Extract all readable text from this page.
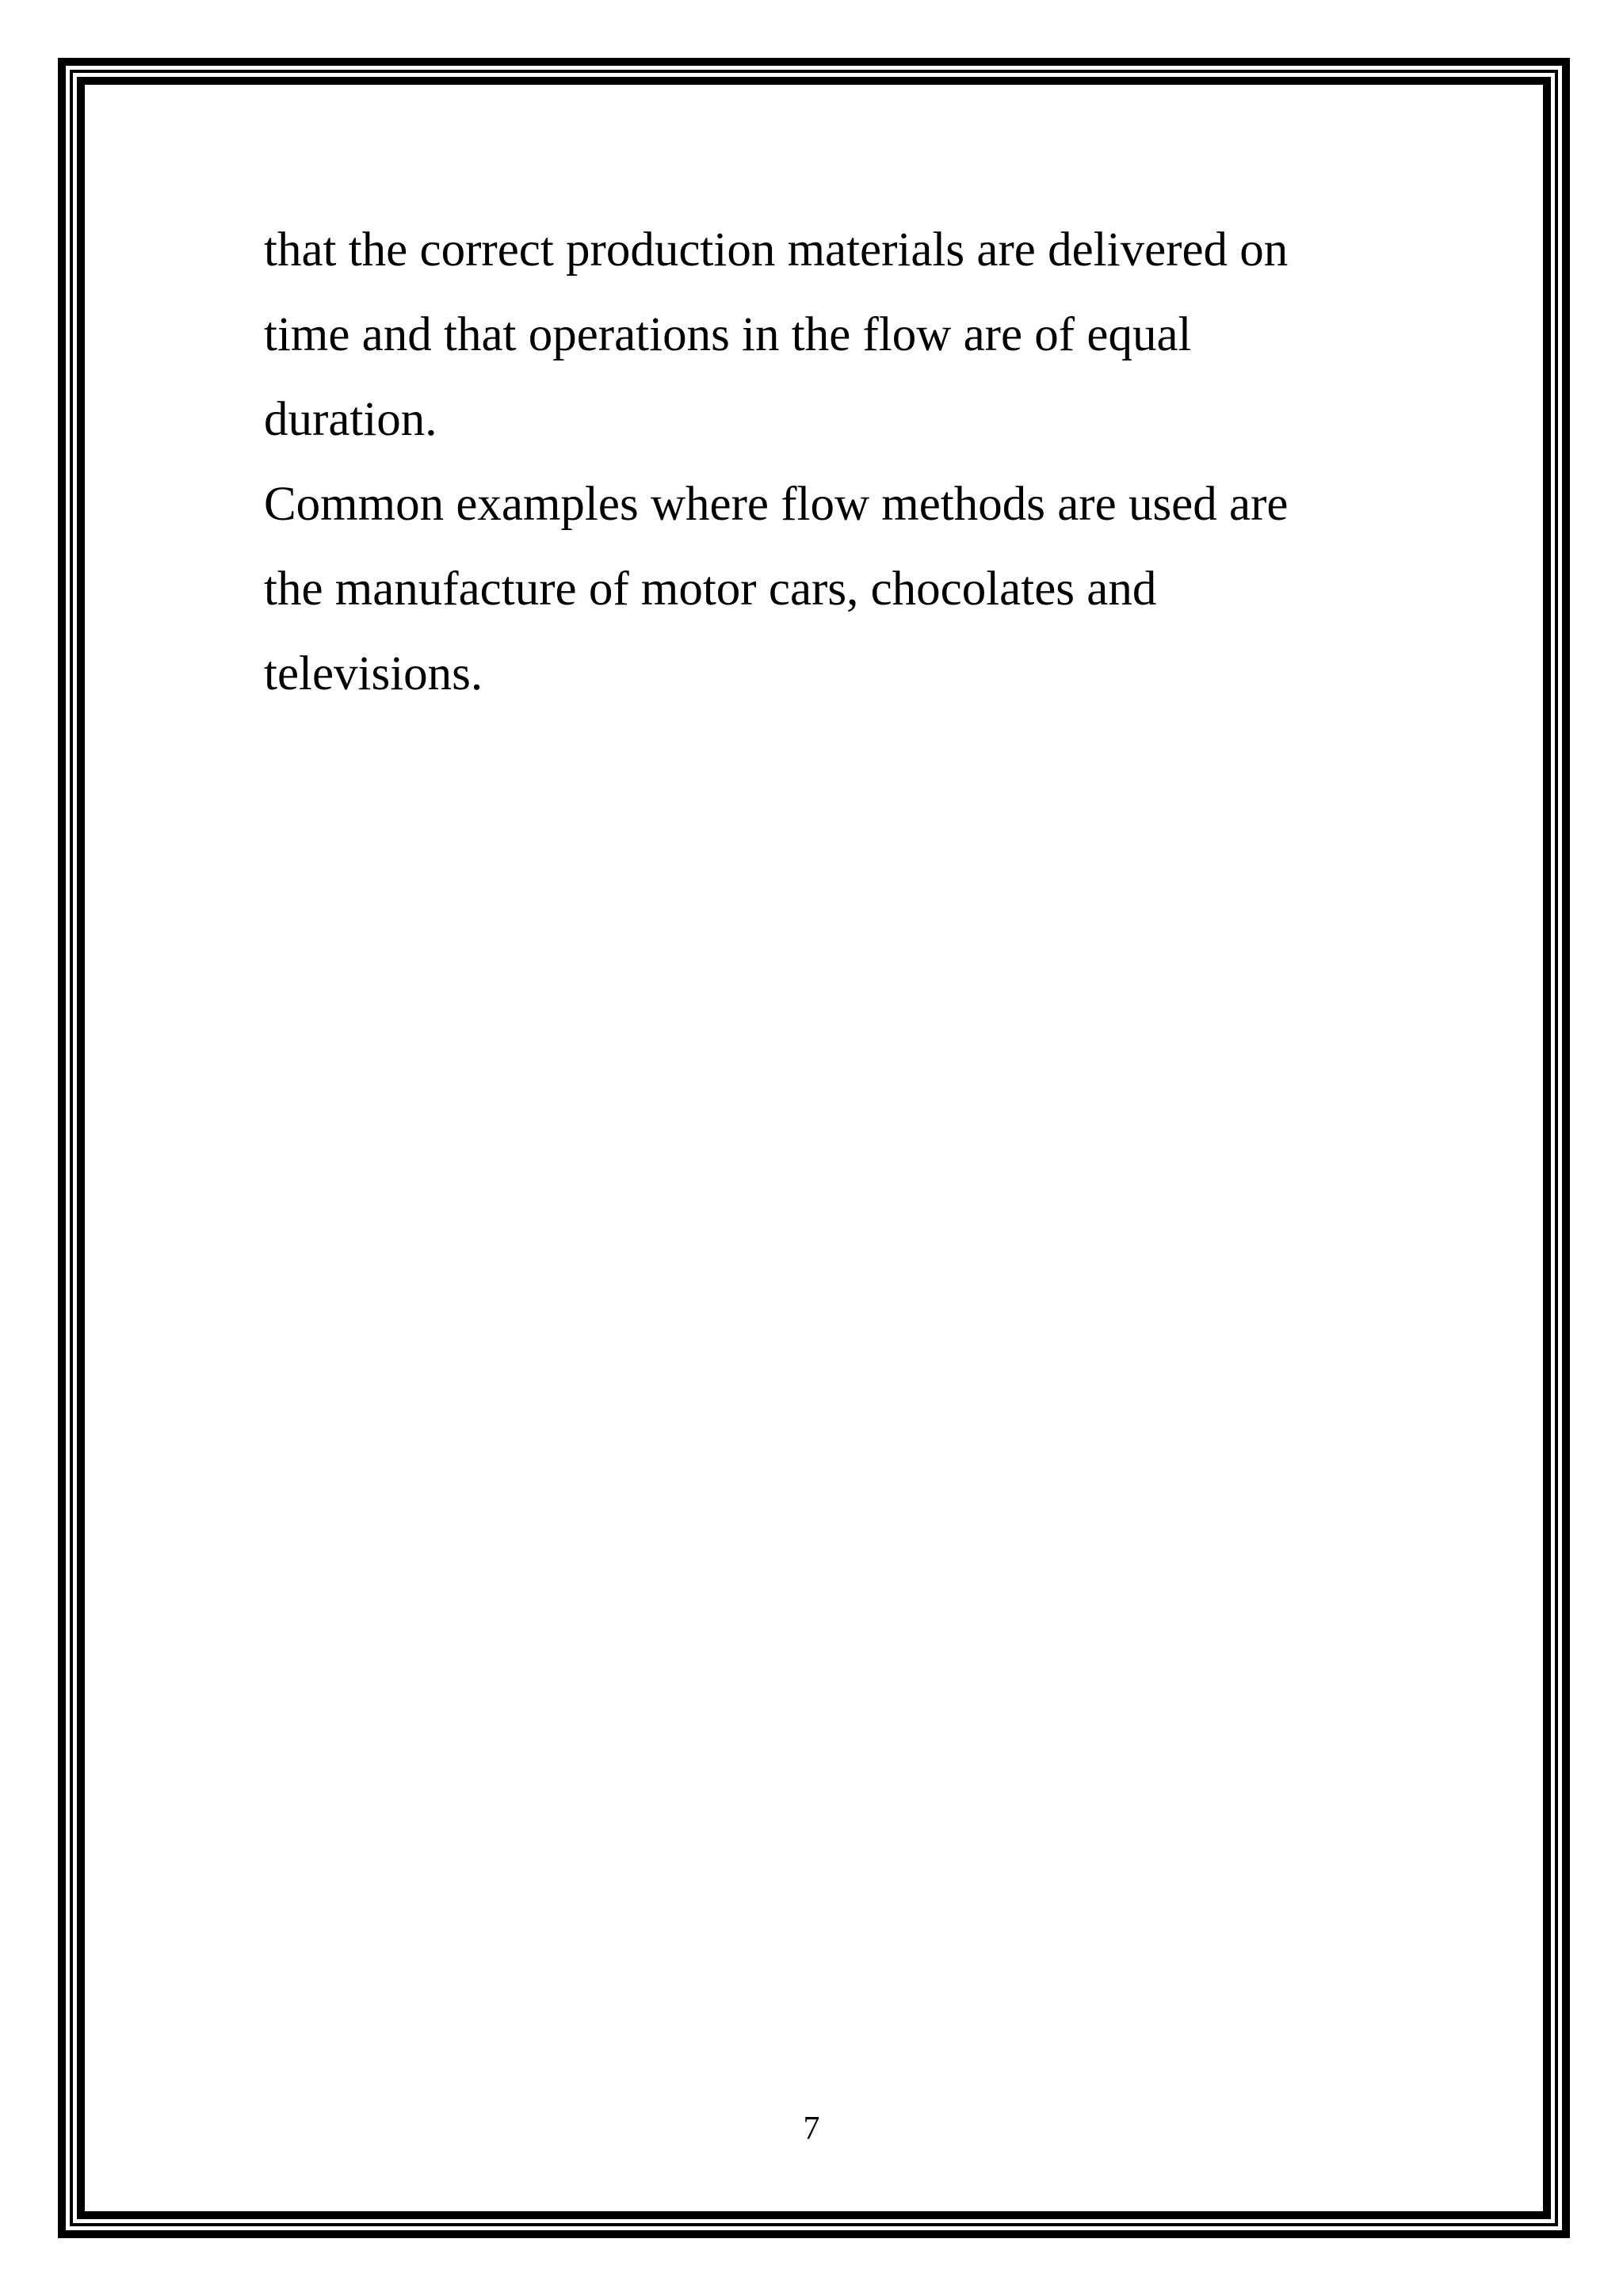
that the correct production materials are delivered on

time and that operations in the flow are of equal

duration.

Common examples where flow methods are used are

the manufacture of motor cars, chocolates and

televisions.

7
